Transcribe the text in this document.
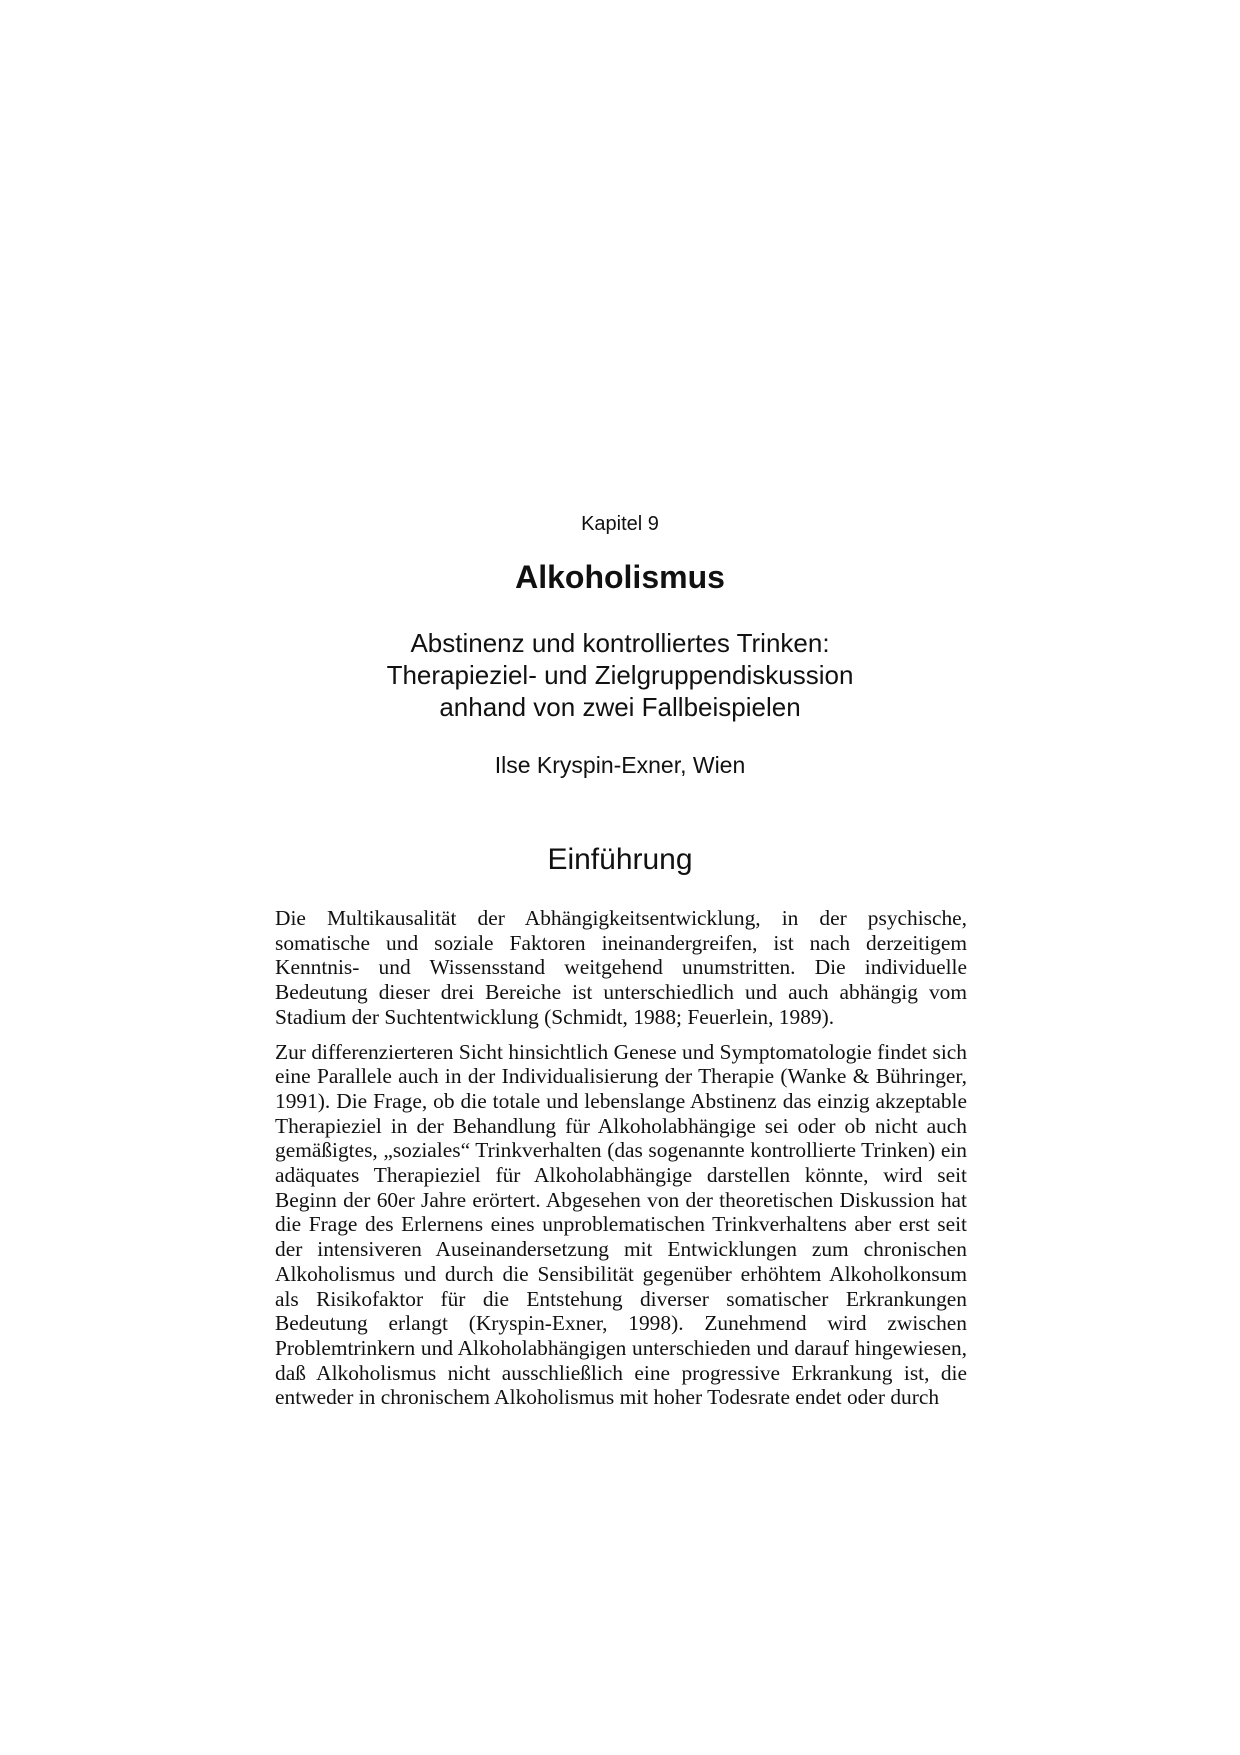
Kapitel 9
Alkoholismus
Abstinenz und kontrolliertes Trinken:
Therapieziel- und Zielgruppendiskussion
anhand von zwei Fallbeispielen
Ilse Kryspin-Exner, Wien
Einführung

Die Multikausalität der Abhängigkeitsentwicklung, in der psychische, somatische und soziale Faktoren ineinandergreifen, ist nach derzeitigem Kenntnis- und Wissensstand weitgehend unumstritten. Die individuelle Bedeutung dieser drei Bereiche ist unterschiedlich und auch abhängig vom Stadium der Suchtentwicklung (Schmidt, 1988; Feuerlein, 1989).

Zur differenzierteren Sicht hinsichtlich Genese und Symptomatologie findet sich eine Parallele auch in der Individualisierung der Therapie (Wanke & Bühringer, 1991). Die Frage, ob die totale und lebenslange Abstinenz das einzig akzeptable Therapieziel in der Behandlung für Alkoholabhängige sei oder ob nicht auch gemäßigtes, „soziales“ Trinkverhalten (das sogenannte kontrollierte Trinken) ein adäquates Therapieziel für Alkoholabhängige darstellen könnte, wird seit Beginn der 60er Jahre erörtert. Abgesehen von der theoretischen Diskussion hat die Frage des Erlernens eines unproblematischen Trinkverhaltens aber erst seit der intensiveren Auseinandersetzung mit Entwicklungen zum chronischen Alkoholismus und durch die Sensibilität gegenüber erhöhtem Alkoholkonsum als Risikofaktor für die Entstehung diverser somatischer Erkrankungen Bedeutung erlangt (Kryspin-Exner, 1998). Zunehmend wird zwischen Problemtrinkern und Alkoholabhängigen unterschieden und darauf hingewiesen, daß Alkoholismus nicht ausschließlich eine progressive Erkrankung ist, die entweder in chronischem Alkoholismus mit hoher Todesrate endet oder durch
